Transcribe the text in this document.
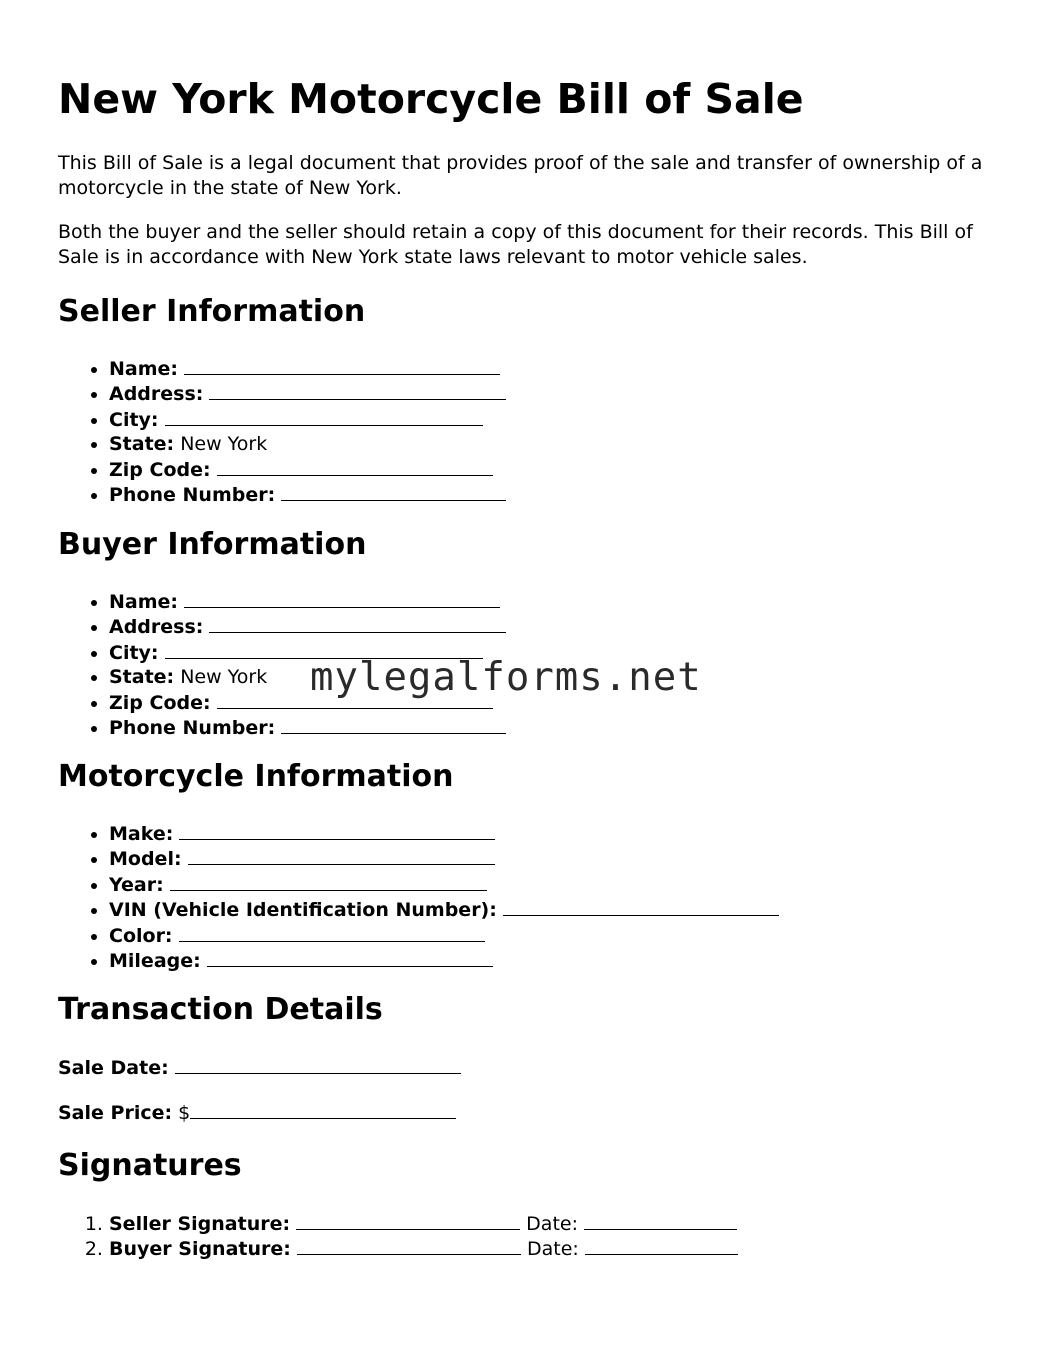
New York Motorcycle Bill of Sale

This Bill of Sale is a legal document that provides proof of the sale and transfer of ownership of a motorcycle in the state of New York.

Both the buyer and the seller should retain a copy of this document for their records. This Bill of Sale is in accordance with New York state laws relevant to motor vehicle sales.

Seller Information
• Name:
• Address:
• City:
• State: New York
• Zip Code:
• Phone Number:
Buyer Information
• Name:
• Address:
• City:
• State: New York
• Zip Code:
• Phone Number:
Motorcycle Information
• Make:
• Model:
• Year:
• VIN (Vehicle Identification Number):
• Color:
• Mileage:
Transaction Details

Sale Date:

Sale Price: $

Signatures
1. Seller Signature:	Date:
2. Buyer Signature:	Date:
mylegalforms.net
